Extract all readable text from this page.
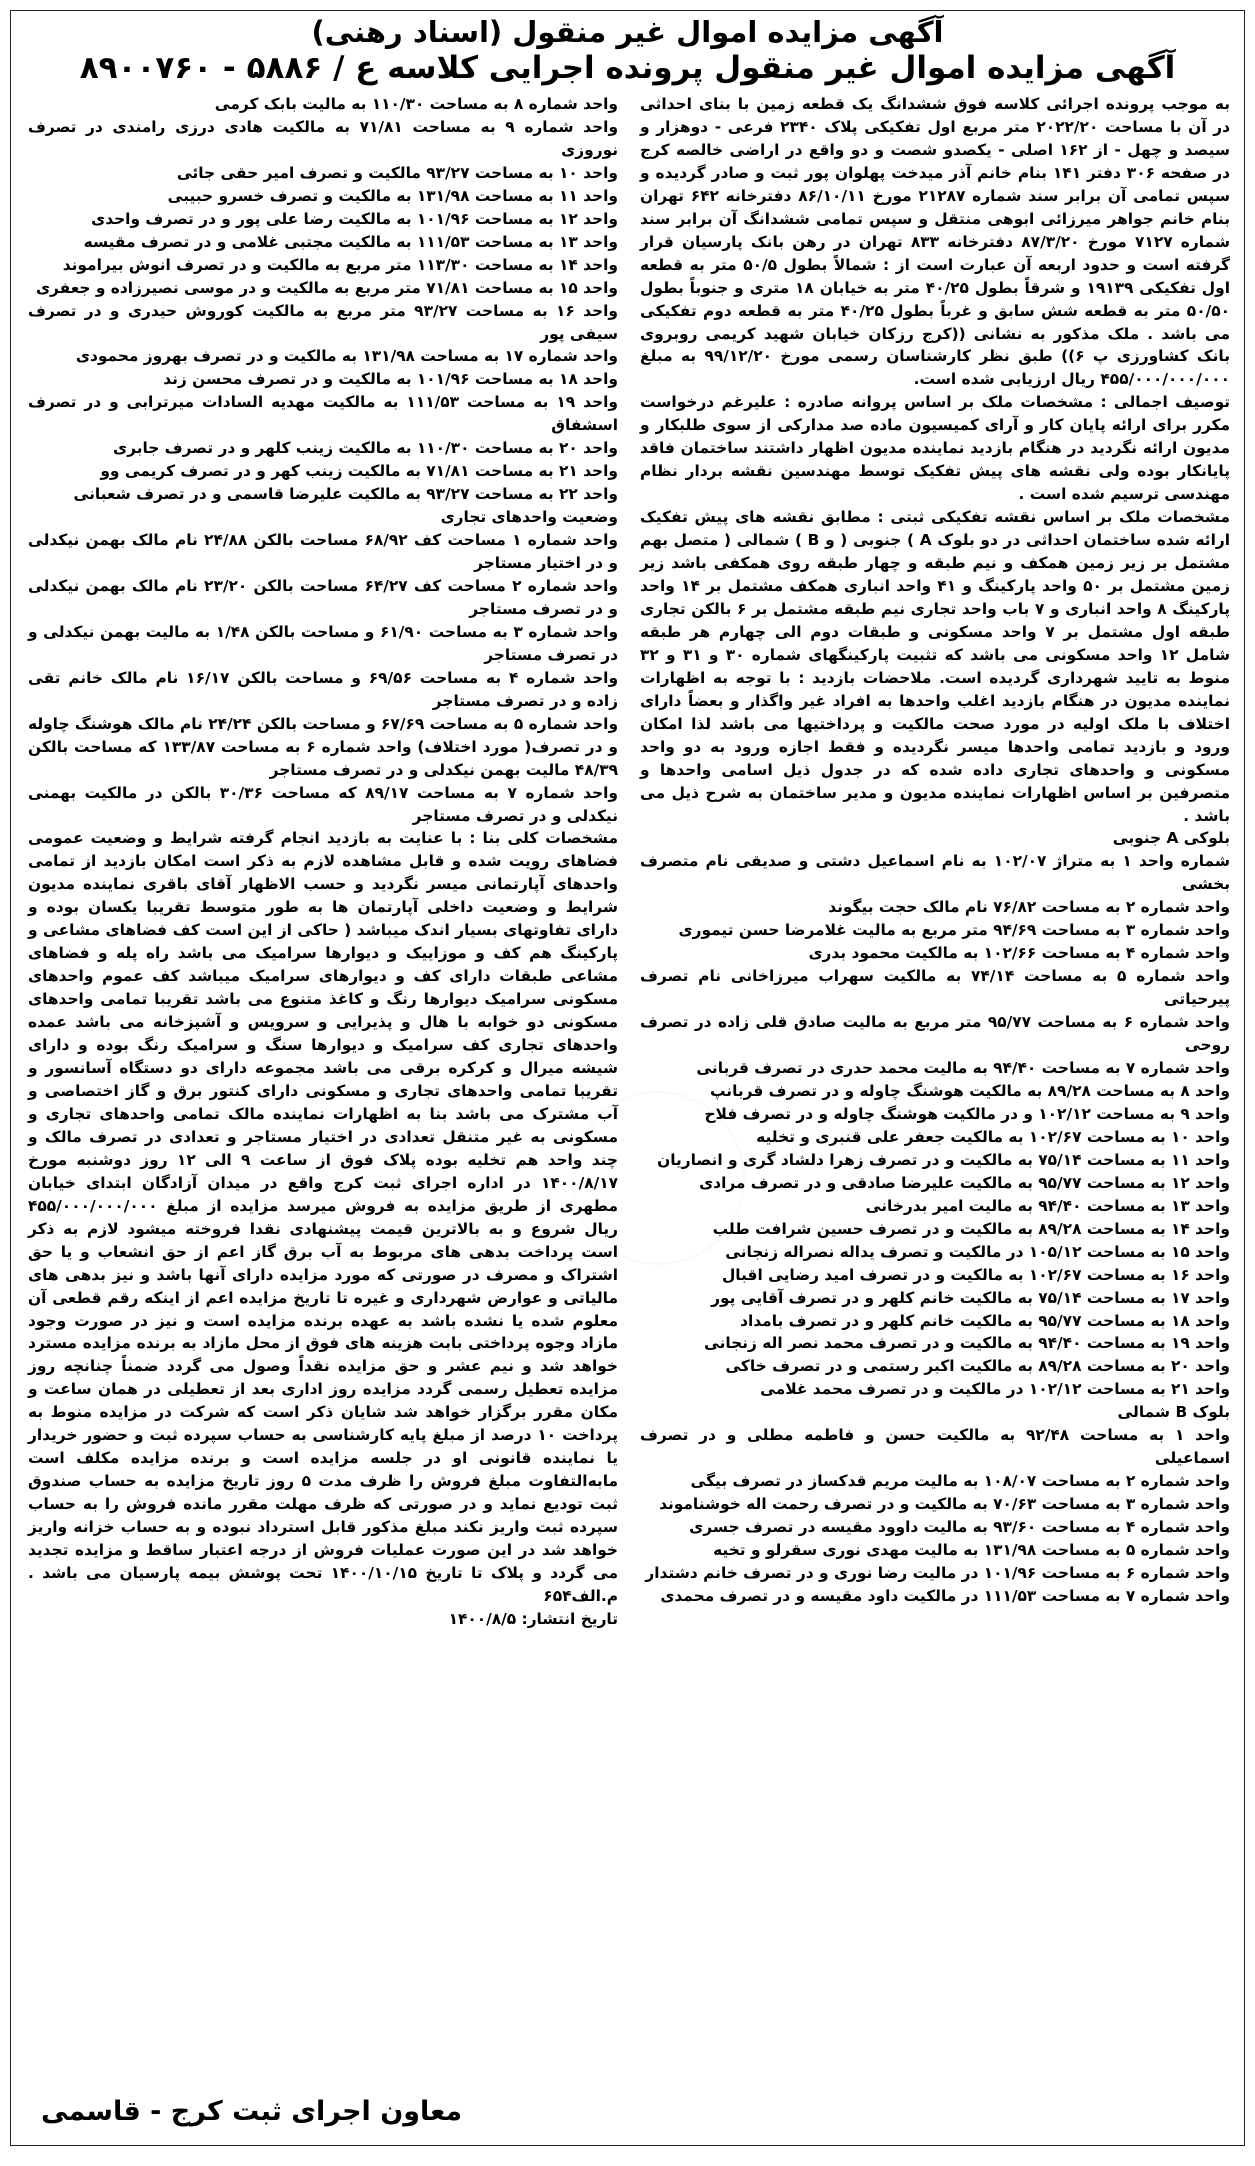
آگهی مزایده اموال غیر منقول (اسناد رهنی)
آگهی مزایده اموال غیر منقول پرونده اجرایی کلاسه ع / ۵۸۸۶ - ۸۹۰۰۷۶۰

به موجب پرونده اجرائی کلاسه فوق ششدانگ یک قطعه زمین با بنای احداثی در آن با مساحت ۲۰۲۲/۲۰ متر مربع اول تفکیکی پلاک ۲۳۴۰ فرعی - دوهزار و سیصد و چهل - از ۱۶۲ اصلی - یکصدو شصت و دو واقع در اراضی خالصه کرج در صفحه ۳۰۶ دفتر ۱۴۱ بنام خانم آذر میدخت پهلوان پور ثبت و صادر گردیده و سپس تمامی آن برابر سند شماره ۲۱۲۸۷ مورخ ۸۶/۱۰/۱۱ دفترخانه ۶۴۲ تهران بنام خانم جواهر میرزائی ابوهی منتقل و سپس تمامی ششدانگ آن برابر سند شماره ۷۱۲۷ مورخ ۸۷/۳/۲۰ دفترخانه ۸۳۳ تهران در رهن بانک پارسیان قرار گرفته است و حدود اربعه آن عبارت است از : شمالاً بطول ۵۰/۵ متر به قطعه اول تفکیکی ۱۹۱۳۹ و شرقاً بطول ۴۰/۲۵ متر به خیابان ۱۸ متری و جنوباً بطول ۵۰/۵۰ متر به قطعه شش سابق و غرباً بطول ۴۰/۲۵ متر به قطعه دوم تفکیکی می باشد . ملک مذکور به نشانی ((کرج رزکان خیابان شهید کریمی روبروی بانک کشاورزی پ ۶)) طبق نظر کارشناسان رسمی مورخ ۹۹/۱۲/۲۰ به مبلغ ۴۵۵/۰۰۰/۰۰۰/۰۰۰ ریال ارزیابی شده است.

توصیف اجمالی : مشخصات ملک بر اساس پروانه صادره : علیرغم درخواست مکرر برای ارائه پایان کار و آرای کمیسیون ماده صد مدارکی از سوی طلبکار و مدیون ارائه نگردید در هنگام بازدید نماینده مدیون اظهار داشتند ساختمان فاقد پایانکار بوده ولی نقشه های پیش تفکیک توسط مهندسین نقشه بردار نظام مهندسی ترسیم شده است .

مشخصات ملک بر اساس نقشه تفکیکی ثبتی : مطابق نقشه های پیش تفکیک ارائه شده ساختمان احداثی در دو بلوک A ) جنوبی ( و B ) شمالی ( متصل بهم مشتمل بر زیر زمین همکف و نیم طبقه و چهار طبقه روی همکفی باشد زیر زمین مشتمل بر ۵۰ واحد پارکینگ و ۴۱ واحد انباری همکف مشتمل بر ۱۴ واحد پارکینگ ۸ واحد انباری و ۷ باب واحد تجاری نیم طبقه مشتمل بر ۶ بالکن تجاری طبقه اول مشتمل بر ۷ واحد مسکونی و طبقات دوم الی چهارم هر طبقه شامل ۱۲ واحد مسکونی می باشد که تثبیت پارکینگهای شماره ۳۰ و ۳۱ و ۳۲ منوط به تایید شهرداری گردیده است. ملاحضات بازدید : با توجه به اظهارات نماینده مدیون در هنگام بازدید اغلب واحدها به افراد غیر واگذار و بعضاً دارای اختلاف با ملک اولیه در مورد صحت مالکیت و پرداختیها می باشد لذا امکان ورود و بازدید تمامی واحدها میسر نگردیده و فقط اجازه ورود به دو واحد مسکونی و واحدهای تجاری داده شده که در جدول ذیل اسامی واحدها و متصرفین بر اساس اظهارات نماینده مدیون و مدیر ساختمان به شرح ذیل می باشد .

بلوکی A جنوبی

شماره واحد ۱ به متراژ ۱۰۲/۰۷ به نام اسماعیل دشتی و صدیقی نام متصرف بخشی

واحد شماره ۲ به مساحت ۷۶/۸۲ نام مالک حجت بیگوند

واحد شماره ۳ به مساحت ۹۴/۶۹ متر مربع به مالیت غلامرضا حسن تیموری

واحد شماره ۴ به مساحت ۱۰۲/۶۶ به مالکیت محمود بدری

واحد شماره ۵ به مساحت ۷۴/۱۴ به مالکیت سهراب میرزاخانی نام تصرف پیرحیاتی

واحد شماره ۶ به مساحت ۹۵/۷۷ متر مربع به مالیت صادق قلی زاده در تصرف روحی

واحد شماره ۷ به مساحت ۹۴/۴۰ به مالیت محمد حدری در تصرف قربانی

واحد ۸ به مساحت ۸۹/۲۸ به مالکیت هوشنگ چاوله و در تصرف قربانپ

واحد ۹ به مساحت ۱۰۲/۱۲ و در مالکیت هوشنگ چاوله و در تصرف فلاح

واحد ۱۰ به مساحت ۱۰۲/۶۷ به مالکیت جعفر علی قنبری و تخلیه

واحد ۱۱ به مساحت ۷۵/۱۴ به مالکیت و در تصرف زهرا دلشاد گری و انصاریان

واحد ۱۲ به مساحت ۹۵/۷۷ به مالکیت علیرضا صادقی و در تصرف مرادی

واحد ۱۳ به مساحت ۹۴/۴۰ به مالیت امیر بدرخانی

واحد ۱۴ به مساحت ۸۹/۲۸ به مالکیت و در تصرف حسین شرافت طلب

واحد ۱۵ به مساحت ۱۰۵/۱۲ در مالکیت و تصرف یداله نصراله زنجانی

واحد ۱۶ به مساحت ۱۰۲/۶۷ به مالکیت و در تصرف امید رضایی اقبال

واحد ۱۷ به مساحت ۷۵/۱۴ به مالکیت خانم کلهر و در تصرف آقایی پور

واحد ۱۸ به مساحت ۹۵/۷۷ به مالکیت خانم کلهر و در تصرف بامداد

واحد ۱۹ به مساحت ۹۴/۴۰ به مالکیت و در تصرف محمد نصر اله زنجانی

واحد ۲۰ به مساحت ۸۹/۲۸ به مالکیت اکبر رستمی و در تصرف خاکی

واحد ۲۱ به مساحت ۱۰۲/۱۲ در مالکیت و در تصرف محمد غلامی

بلوک B شمالی

واحد ۱ به مساحت ۹۲/۴۸ به مالکیت حسن و فاطمه مطلی و در تصرف اسماعیلی

واحد شماره ۲ به مساحت ۱۰۸/۰۷ به مالیت مریم قدکساز در تصرف بیگی

واحد شماره ۳ به مساحت ۷۰/۶۳ به مالکیت و در تصرف رحمت اله خوشناموند

واحد شماره ۴ به مساحت ۹۳/۶۰ به مالیت داوود مقیسه در تصرف جسری

واحد شماره ۵ به مساحت ۱۳۱/۹۸ به مالیت مهدی نوری سقرلو و تخیه

واحد شماره ۶ به مساحت ۱۰۱/۹۶ در مالیت رضا نوری و در تصرف خانم دشتدار

واحد شماره ۷ به مساحت ۱۱۱/۵۳ در مالکیت داود مقیسه و در تصرف محمدی

واحد شماره ۸ به مساحت ۱۱۰/۳۰ به مالیت بابک کرمی

واحد شماره ۹ به مساحت ۷۱/۸۱ به مالکیت هادی درزی رامندی در تصرف نوروزی

واحد ۱۰ به مساحت ۹۳/۲۷ مالکیت و تصرف امیر حقی جائی

واحد ۱۱ به مساحت ۱۳۱/۹۸ به مالکیت و تصرف خسرو حبیبی

واحد ۱۲ به مساحت ۱۰۱/۹۶ به مالکیت رضا علی پور و در تصرف واحدی

واحد ۱۳ به مساحت ۱۱۱/۵۳ به مالکیت مجتبی غلامی و در تصرف مقیسه

واحد ۱۴ به مساحت ۱۱۳/۳۰ متر مربع به مالکیت و در تصرف انوش بیراموند

واحد ۱۵ به مساحت ۷۱/۸۱ متر مربع به مالکیت و در موسی نصیرزاده و جعفری

واحد ۱۶ به مساحت ۹۳/۲۷ متر مربع به مالکیت کوروش حیدری و در تصرف سیفی پور

واحد شماره ۱۷ به مساحت ۱۳۱/۹۸ به مالکیت و در تصرف بهروز محمودی

واحد ۱۸ به مساحت ۱۰۱/۹۶ به مالکیت و در تصرف محسن زند

واحد ۱۹ به مساحت ۱۱۱/۵۳ به مالکیت مهدیه السادات میرترابی و در تصرف اسشفاق

واحد ۲۰ به مساحت ۱۱۰/۳۰ به مالکیت زینب کلهر و در تصرف جابری

واحد ۲۱ به مساحت ۷۱/۸۱ به مالکیت زینب کهر و در تصرف کریمی وو

واحد ۲۲ به مساحت ۹۳/۲۷ به مالکیت علیرضا قاسمی و در تصرف شعبانی

وضعیت واحدهای تجاری

واحد شماره ۱ مساحت کف ۶۸/۹۲ مساحت بالکن ۲۴/۸۸ نام مالک بهمن نیکدلی و در اختیار مستاجر

واحد شماره ۲ مساحت کف ۶۴/۲۷ مساحت بالکن ۲۳/۲۰ نام مالک بهمن نیکدلی و در تصرف مستاجر

واحد شماره ۳ به مساحت ۶۱/۹۰ و مساحت بالکن ۱/۴۸ به مالیت بهمن نیکدلی و در تصرف مستاجر

واحد شماره ۴ به مساحت ۶۹/۵۶ و مساحت بالکن ۱۶/۱۷ نام مالک خانم تقی زاده و در تصرف مستاجر

واحد شماره ۵ به مساحت ۶۷/۶۹ و مساحت بالکن ۲۴/۲۴ نام مالک هوشنگ چاوله و در تصرف( مورد اختلاف) واحد شماره ۶ به مساحت ۱۳۳/۸۷ که مساحت بالکن ۴۸/۳۹ مالیت بهمن نیکدلی و در تصرف مستاجر

واحد شماره ۷ به مساحت ۸۹/۱۷ که مساحت ۳۰/۳۶ بالکن در مالکیت بهمنی نیکدلی و در تصرف مستاجر

مشخصات کلی بنا : با عنایت به بازدید انجام گرفته شرایط و وضعیت عمومی فضاهای رویت شده و قابل مشاهده لازم به ذکر است امکان بازدید از تمامی واحدهای آپارتمانی میسر نگردید و حسب الاظهار آقای باقری نماینده مدیون شرایط و وضعیت داخلی آپارتمان ها به طور متوسط تقریبا یکسان بوده و دارای تفاوتهای بسیار اندک میباشد ( حاکی از این است کف فضاهای مشاعی و پارکینگ هم کف و موزاییک و دیوارها سرامیک می باشد راه پله و فضاهای مشاعی طبقات دارای کف و دیوارهای سرامیک میباشد کف عموم واحدهای مسکونی سرامیک دیوارها رنگ و کاغذ متنوع می باشد تقریبا تمامی واحدهای مسکونی دو خوابه با هال و پذیرایی و سرویس و آشپزخانه می باشد عمده واحدهای تجاری کف سرامیک و دیوارها سنگ و سرامیک رنگ بوده و دارای شیشه میرال و کرکره برقی می باشد مجموعه دارای دو دستگاه آسانسور و تقریبا تمامی واحدهای تجاری و مسکونی دارای کنتور برق و گاز اختصاصی و آب مشترک می باشد بنا به اظهارات نماینده مالک تمامی واحدهای تجاری و مسکونی به غیر متنقل تعدادی در اختیار مستاجر و تعدادی در تصرف مالک و چند واحد هم تخلیه بوده پلاک فوق از ساعت ۹ الی ۱۲ روز دوشنبه مورخ ۱۴۰۰/۸/۱۷ در اداره اجرای ثبت کرج واقع در میدان آزادگان ابتدای خیابان مطهری از طریق مزایده به فروش میرسد مزایده از مبلغ ۴۵۵/۰۰۰/۰۰۰/۰۰۰ ریال شروع و به بالاترین قیمت پیشنهادی نقدا فروخته میشود لازم به ذکر است پرداخت بدهی های مربوط به آب برق گاز اعم از حق انشعاب و یا حق اشتراک و مصرف در صورتی که مورد مزایده دارای آنها باشد و نیز بدهی های مالیاتی و عوارض شهرداری و غیره تا تاریخ مزایده اعم از اینکه رقم قطعی آن معلوم شده یا نشده باشد به عهده برنده مزایده است و نیز در صورت وجود مازاد وجوه پرداختی بابت هزینه های فوق از محل مازاد به برنده مزایده مسترد خواهد شد و نیم عشر و حق مزایده نقداً وصول می گردد ضمناً چنانچه روز مزایده تعطیل رسمی گردد مزایده روز اداری بعد از تعطیلی در همان ساعت و مکان مقرر برگزار خواهد شد شایان ذکر است که شرکت در مزایده منوط به پرداخت ۱۰ درصد از مبلغ پایه کارشناسی به حساب سپرده ثبت و حضور خریدار یا نماینده قانونی او در جلسه مزایده است و برنده مزایده مکلف است مابه‌التفاوت مبلغ فروش را ظرف مدت ۵ روز تاریخ مزایده به حساب صندوق ثبت تودیع نماید و در صورتی که ظرف مهلت مقرر مانده فروش را به حساب سپرده ثبت واریز نکند مبلغ مذکور قابل استرداد نبوده و به حساب خزانه واریز خواهد شد در این صورت عملیات فروش از درجه اعتبار ساقط و مزایده تجدید می گردد و پلاک تا تاریخ ۱۴۰۰/۱۰/۱۵ تحت پوشش بیمه پارسیان می باشد . م.الف۶۵۴

تاریخ انتشار: ۱۴۰۰/۸/۵

معاون اجرای ثبت کرج - قاسمی
